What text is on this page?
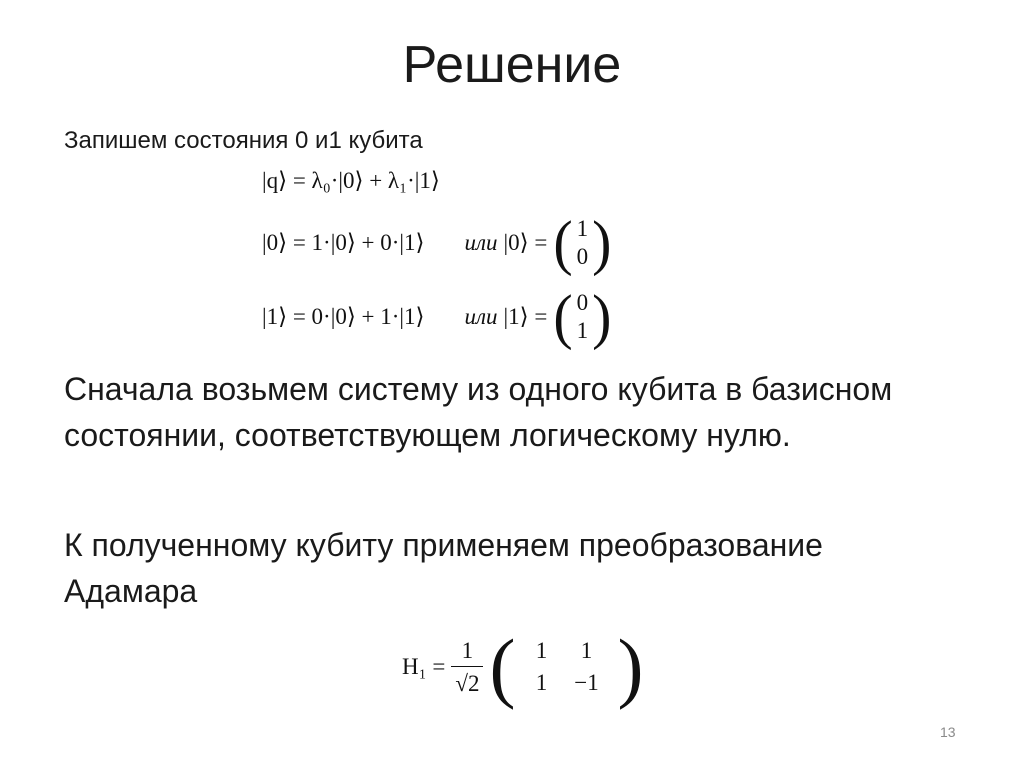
Решение
Запишем состояния 0 и1 кубита
|q⟩ = λ₀·|0⟩ + λ₁·|1⟩
|0⟩ = 1·|0⟩ + 0·|1⟩ или |0⟩ = ( 1
0 )
|1⟩ = 0·|0⟩ + 1·|1⟩ или |1⟩ = ( 0
1 )
Сначала возьмем систему из одного кубита в базисном состоянии, соответствующем логическому нулю.
К полученному кубиту применяем преобразование Адамара
$H_1 = \frac{1}{√2}$ ( 1	1
1	−1 )
13
